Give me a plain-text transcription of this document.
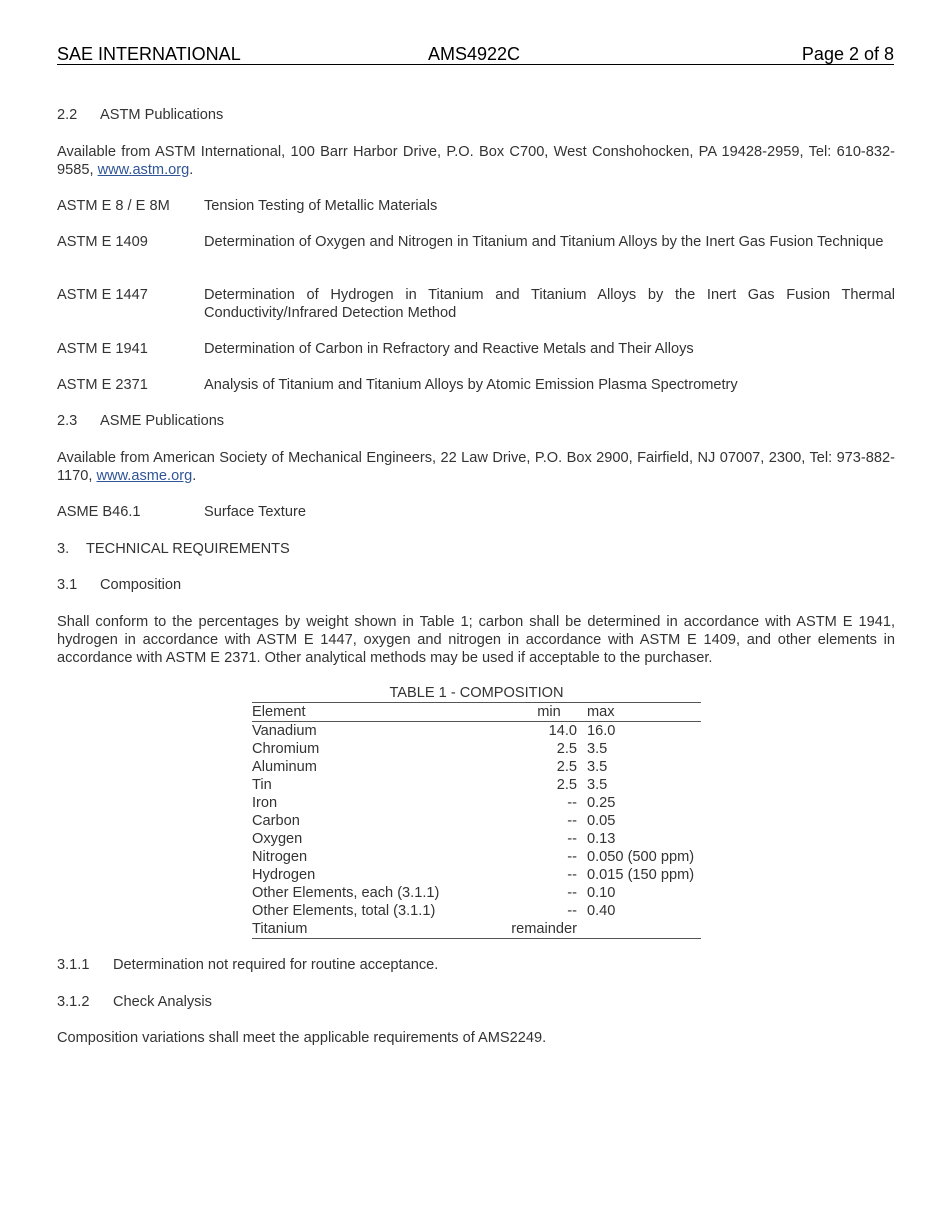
SAE INTERNATIONAL	AMS4922C	Page 2 of 8
2.2 ASTM Publications
Available from ASTM International, 100 Barr Harbor Drive, P.O. Box C700, West Conshohocken, PA 19428-2959, Tel: 610-832-9585, www.astm.org.
ASTM E 8 / E 8M Tension Testing of Metallic Materials
ASTM E 1409	Determination of Oxygen and Nitrogen in Titanium and Titanium Alloys by the Inert Gas Fusion Technique
ASTM E 1447	Determination of Hydrogen in Titanium and Titanium Alloys by the Inert Gas Fusion Thermal Conductivity/Infrared Detection Method
ASTM E 1941	Determination of Carbon in Refractory and Reactive Metals and Their Alloys
ASTM E 2371	Analysis of Titanium and Titanium Alloys by Atomic Emission Plasma Spectrometry
2.3 ASME Publications
Available from American Society of Mechanical Engineers, 22 Law Drive, P.O. Box 2900, Fairfield, NJ 07007, 2300, Tel: 973-882-1170, www.asme.org.
ASME B46.1	Surface Texture
3. TECHNICAL REQUIREMENTS
3.1 Composition
Shall conform to the percentages by weight shown in Table 1; carbon shall be determined in accordance with ASTM E 1941, hydrogen in accordance with ASTM E 1447, oxygen and nitrogen in accordance with ASTM E 1409, and other elements in accordance with ASTM E 2371. Other analytical methods may be used if acceptable to the purchaser.
TABLE 1 - COMPOSITION
Element	min	max
Vanadium	14.0	16.0
Chromium	2.5	3.5
Aluminum	2.5	3.5
Tin	2.5	3.5
Iron	--	0.25
Carbon	--	0.05
Oxygen	--	0.13
Nitrogen	--	0.050 (500 ppm)
Hydrogen	--	0.015 (150 ppm)
Other Elements, each (3.1.1)	--	0.10
Other Elements, total (3.1.1)	--	0.40
Titanium	remainder	
3.1.1 Determination not required for routine acceptance.
3.1.2 Check Analysis
Composition variations shall meet the applicable requirements of AMS2249.
